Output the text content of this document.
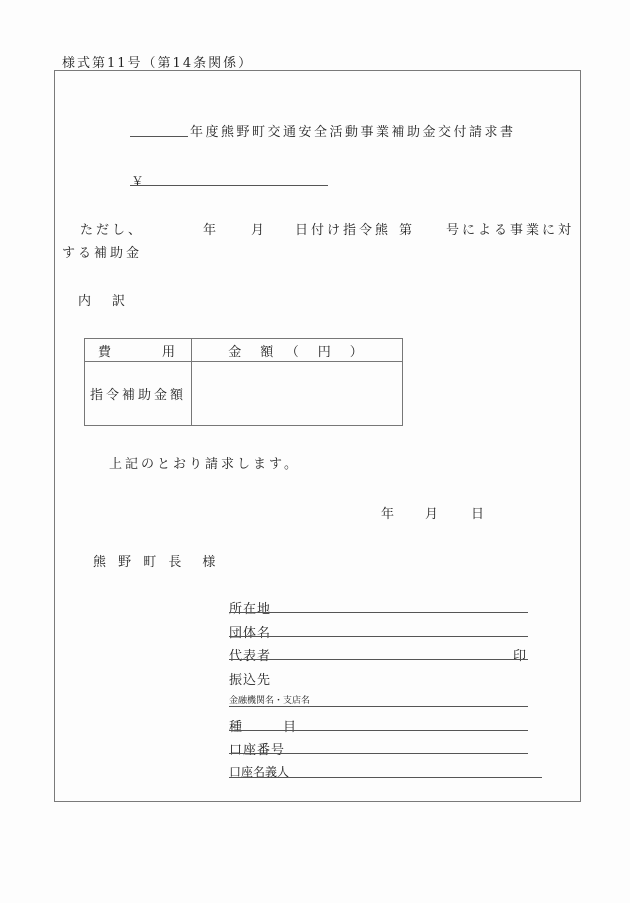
様式第11号（第14条関係）
年度熊野町交通安全活動事業補助金交付請求書
￥
ただし、	年 月 日付け指令熊 第 号による事業に対
する補助金
内　訳
費　　　用	金　額　（　円　）
指令補助金額	
上記のとおり請求します。
年 月 日
熊 野 町 長　様
所在地
団体名
代表者	印
振込先
金融機関名・支店名
種　目
口座番号
口座名義人
